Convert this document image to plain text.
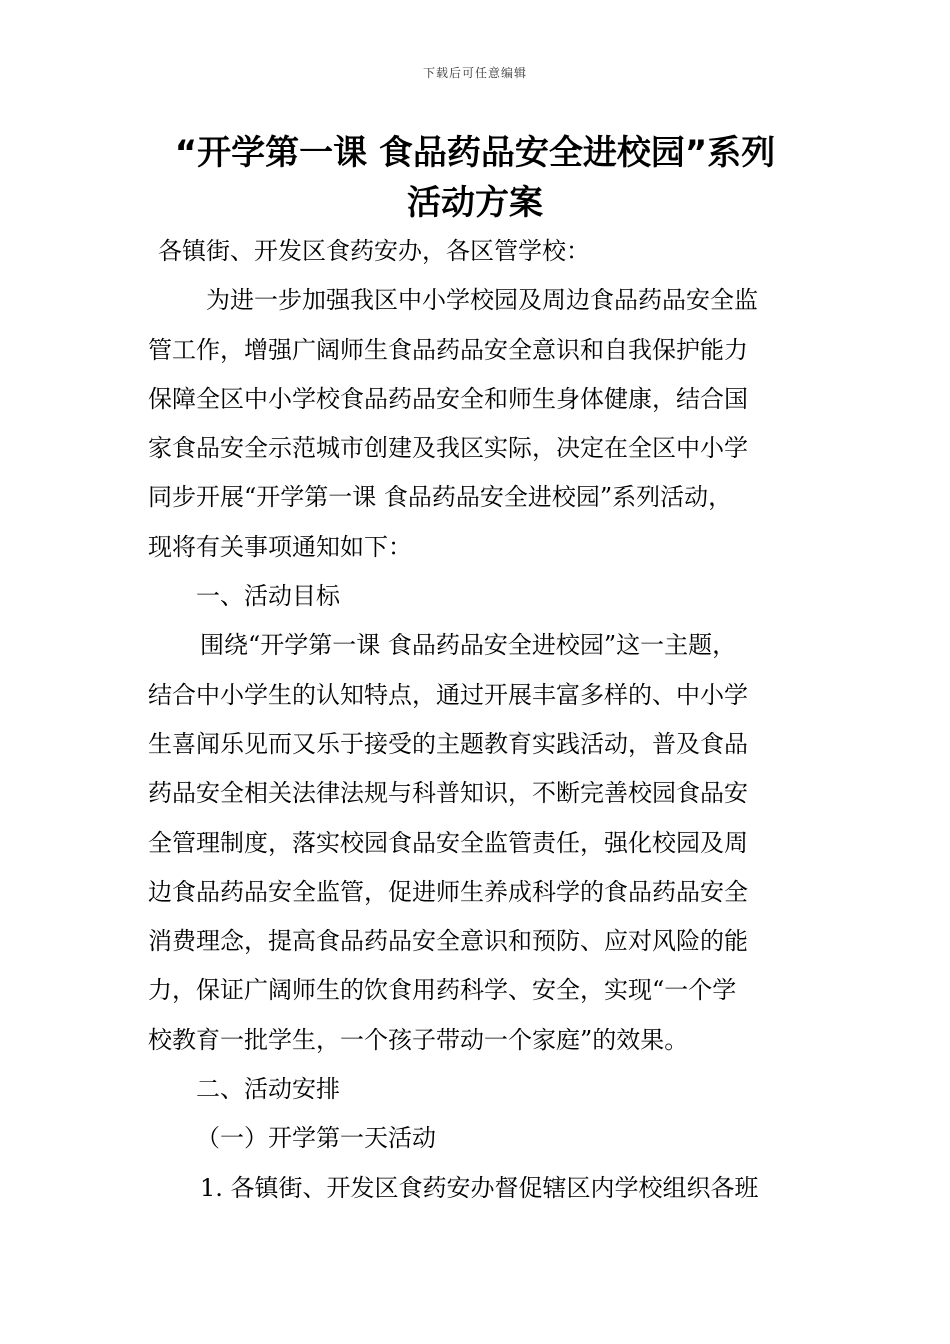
下载后可任意编辑
“开学第一课 食品药品安全进校园”系列
活动方案

各镇街、开发区食药安办，各区管学校：

为进一步加强我区中小学校园及周边食品药品安全监

管工作，增强广阔师生食品药品安全意识和自我保护能力

保障全区中小学校食品药品安全和师生身体健康，结合国

家食品安全示范城市创建及我区实际，决定在全区中小学

同步开展“开学第一课 食品药品安全进校园”系列活动，

现将有关事项通知如下：

一、活动目标

围绕“开学第一课 食品药品安全进校园”这一主题，

结合中小学生的认知特点，通过开展丰富多样的、中小学

生喜闻乐见而又乐于接受的主题教育实践活动，普及食品

药品安全相关法律法规与科普知识，不断完善校园食品安

全管理制度，落实校园食品安全监管责任，强化校园及周

边食品药品安全监管，促进师生养成科学的食品药品安全

消费理念，提高食品药品安全意识和预防、应对风险的能

力，保证广阔师生的饮食用药科学、安全，实现“一个学

校教育一批学生，一个孩子带动一个家庭”的效果。

二、活动安排

（一）开学第一天活动

1. 各镇街、开发区食药安办督促辖区内学校组织各班
